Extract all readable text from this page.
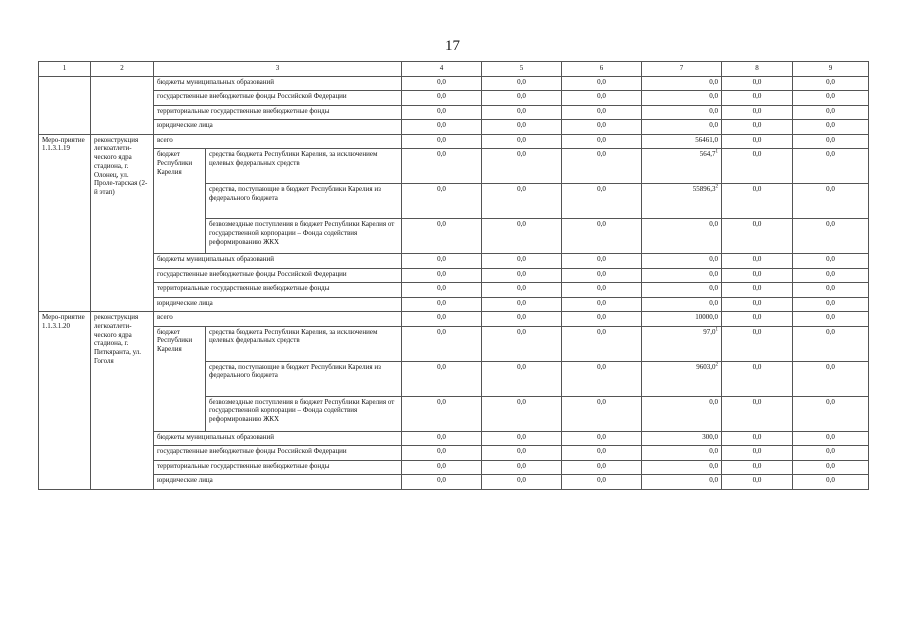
17
1	2	3		4	5	6	7	8	9
		бюджеты муниципальных образований		0,0	0,0	0,0	0,0	0,0	0,0
		государственные внебюджетные фонды Российской Федерации		0,0	0,0	0,0	0,0	0,0	0,0
		территориальные государственные внебюджетные фонды		0,0	0,0	0,0	0,0	0,0	0,0
		юридические лица		0,0	0,0	0,0	0,0	0,0	0,0
Меро-приятие 1.1.3.1.19	реконструкция легкоатлети-ческого ядра стадиона, г. Олонец, ул. Проле-тарская (2-й этап)	всего		0,0	0,0	0,0	56461,0	0,0	0,0
		бюджет Республики Карелия	средства бюджета Республики Карелия, за исключением целевых федеральных средств	0,0	0,0	0,0	564,7$^1$	0,0	0,0
			средства, поступающие в бюджет Республики Карелия из федерального бюджета	0,0	0,0	0,0	55896,3$^2$	0,0	0,0
			безвозмездные поступления в бюджет Республики Карелия от государственной корпорации – Фонда содействия реформированию ЖКХ	0,0	0,0	0,0	0,0	0,0	0,0
		бюджеты муниципальных образований		0,0	0,0	0,0	0,0	0,0	0,0
		государственные внебюджетные фонды Российской Федерации		0,0	0,0	0,0	0,0	0,0	0,0
		территориальные государственные внебюджетные фонды		0,0	0,0	0,0	0,0	0,0	0,0
		юридические лица		0,0	0,0	0,0	0,0	0,0	0,0
Меро-приятие 1.1.3.1.20	реконструкция легкоатлети-ческого ядра стадиона, г. Питкяранта, ул. Гоголя	всего		0,0	0,0	0,0	10000,0	0,0	0,0
		бюджет Республики Карелия	средства бюджета Республики Карелия, за исключением целевых федеральных средств	0,0	0,0	0,0	97,0$^1$	0,0	0,0
			средства, поступающие в бюджет Республики Карелия из федерального бюджета	0,0	0,0	0,0	9603,0$^2$	0,0	0,0
			безвозмездные поступления в бюджет Республики Карелия от государственной корпорации – Фонда содействия реформированию ЖКХ	0,0	0,0	0,0	0,0	0,0	0,0
		бюджеты муниципальных образований		0,0	0,0	0,0	300,0	0,0	0,0
		государственные внебюджетные фонды Российской Федерации		0,0	0,0	0,0	0,0	0,0	0,0
		территориальные государственные внебюджетные фонды		0,0	0,0	0,0	0,0	0,0	0,0
		юридические лица		0,0	0,0	0,0	0,0	0,0	0,0
